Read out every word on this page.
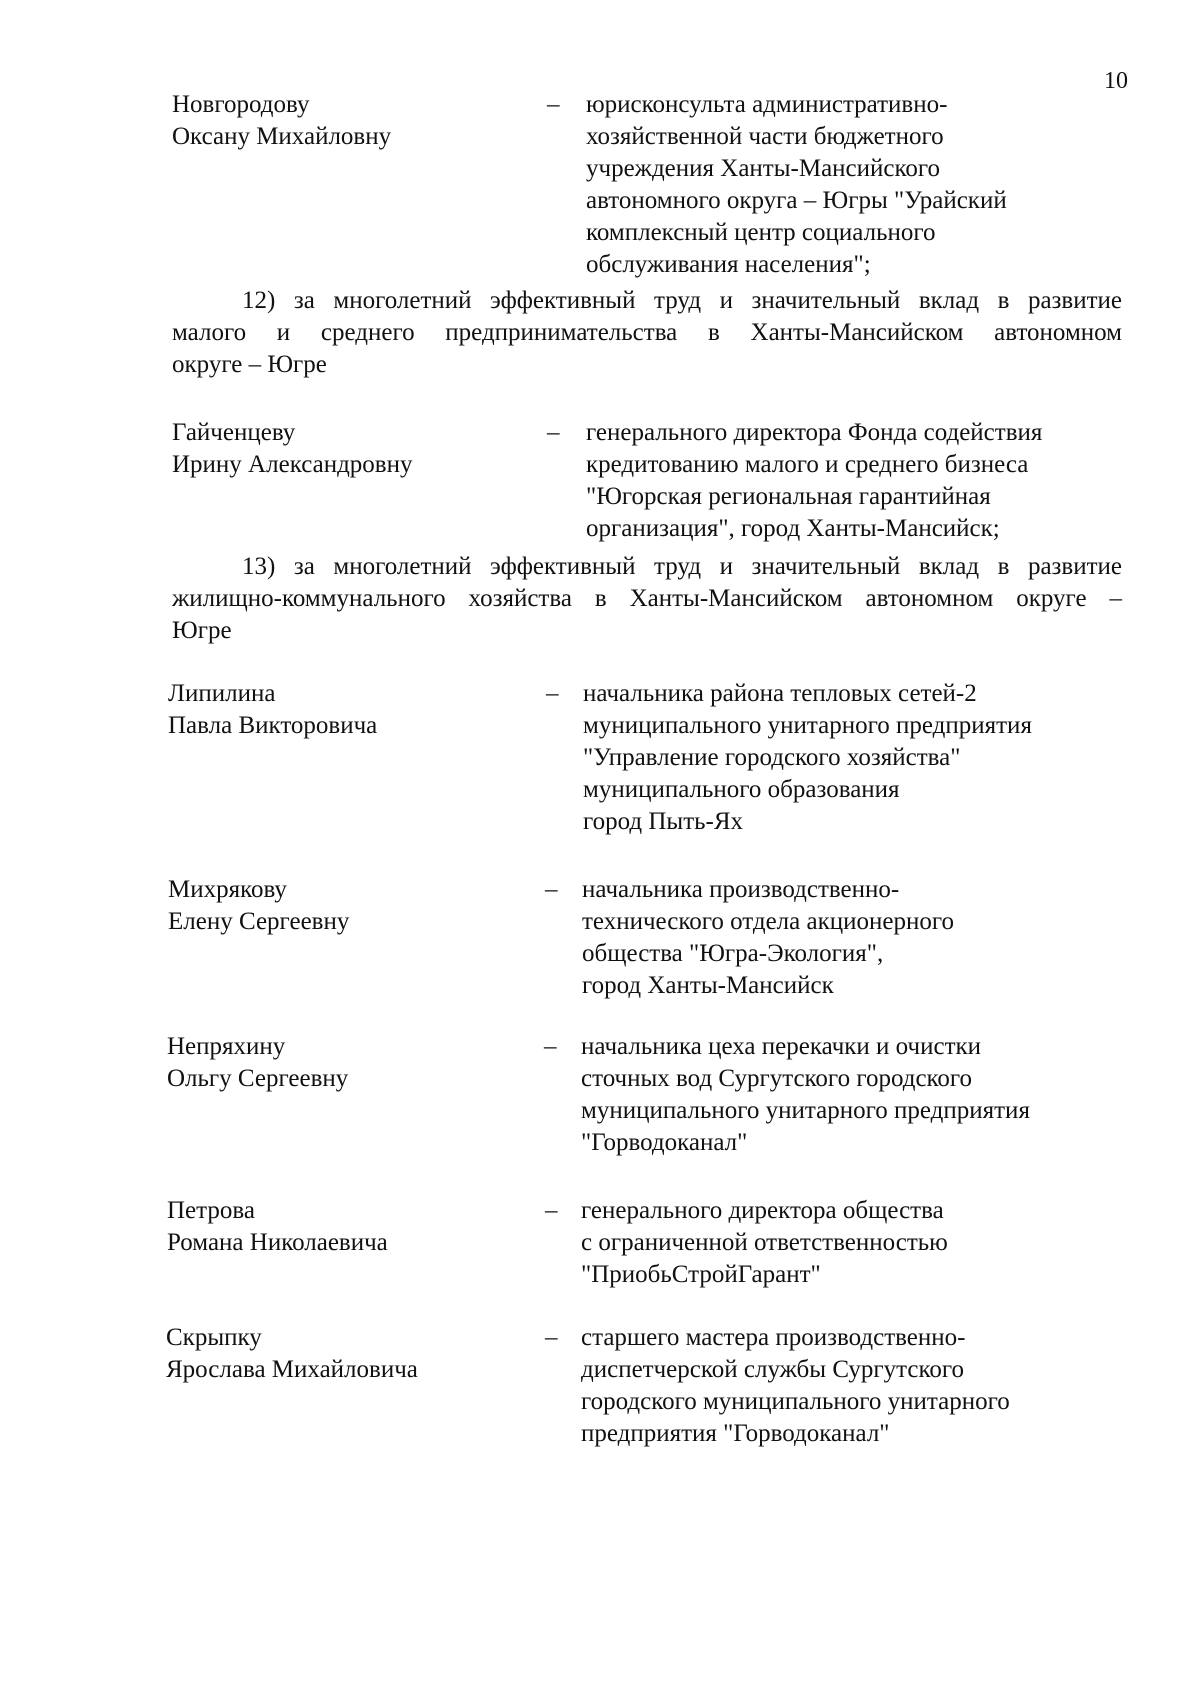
10
Новгородову
Оксану Михайловну
– юрисконсульта административно-
хозяйственной части бюджетного
учреждения Ханты-Мансийского
автономного округа – Югры "Урайский
комплексный центр социального
обслуживания населения";
12) за многолетний эффективный труд и значительный вклад в развитие
малого и среднего предпринимательства в Ханты-Мансийском автономном
округе – Югре
Гайченцеву
Ирину Александровну
– генерального директора Фонда содействия
кредитованию малого и среднего бизнеса
"Югорская региональная гарантийная
организация", город Ханты-Мансийск;
13) за многолетний эффективный труд и значительный вклад в развитие
жилищно-коммунального хозяйства в Ханты-Мансийском автономном округе –
Югре
Липилина
Павла Викторовича
– начальника района тепловых сетей-2
муниципального унитарного предприятия
"Управление городского хозяйства"
муниципального образования
город Пыть-Ях
Михрякову
Елену Сергеевну
– начальника производственно-
технического отдела акционерного
общества "Югра-Экология",
город Ханты-Мансийск
Непряхину
Ольгу Сергеевну
– начальника цеха перекачки и очистки
сточных вод Сургутского городского
муниципального унитарного предприятия
"Горводоканал"
Петрова
Романа Николаевича
– генерального директора общества
с ограниченной ответственностью
"ПриобьСтройГарант"
Скрыпку
Ярослава Михайловича
– старшего мастера производственно-
диспетчерской службы Сургутского
городского муниципального унитарного
предприятия "Горводоканал"
